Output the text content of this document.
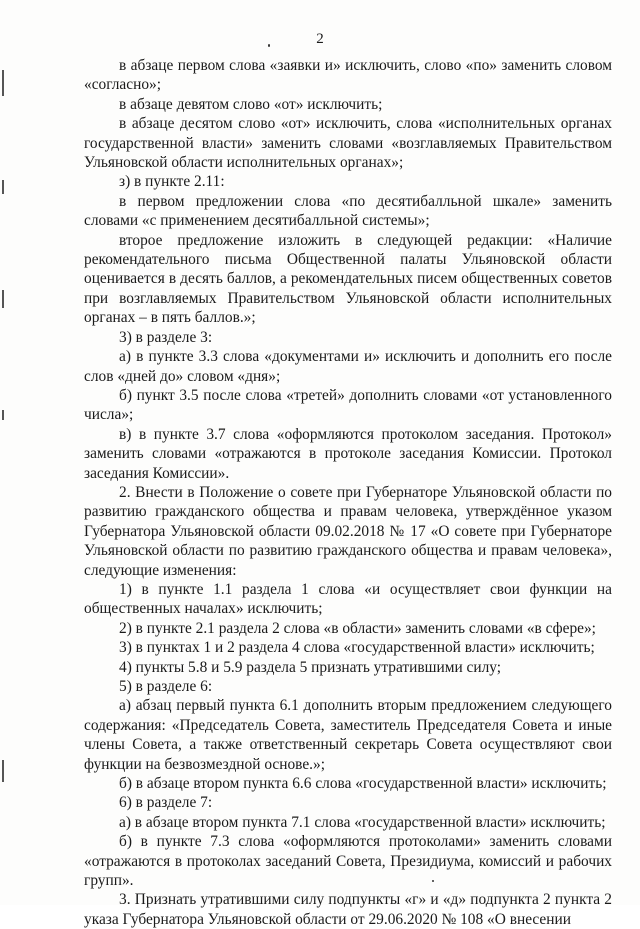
2

в абзаце первом слова «заявки и» исключить, слово «по» заменить словом «согласно»;

в абзаце девятом слово «от» исключить;

в абзаце десятом слово «от» исключить, слова «исполнительных органах государственной власти» заменить словами «возглавляемых Правительством Ульяновской области исполнительных органах»;

з) в пункте 2.11:

в первом предложении слова «по десятибалльной шкале» заменить словами «с применением десятибалльной системы»;

второе предложение изложить в следующей редакции: «Наличие рекомендательного письма Общественной палаты Ульяновской области оценивается в десять баллов, а рекомендательных писем общественных советов при возглавляемых Правительством Ульяновской области исполнительных органах – в пять баллов.»;

3) в разделе 3:

а) в пункте 3.3 слова «документами и» исключить и дополнить его после слов «дней до» словом «дня»;

б) пункт 3.5 после слова «третей» дополнить словами «от установленного числа»;

в) в пункте 3.7 слова «оформляются протоколом заседания. Протокол» заменить словами «отражаются в протоколе заседания Комиссии. Протокол заседания Комиссии».

2. Внести в Положение о совете при Губернаторе Ульяновской области по развитию гражданского общества и правам человека, утверждённое указом Губернатора Ульяновской области 09.02.2018 № 17 «О совете при Губернаторе Ульяновской области по развитию гражданского общества и правам человека», следующие изменения:

1) в пункте 1.1 раздела 1 слова «и осуществляет свои функции на общественных началах» исключить;

2) в пункте 2.1 раздела 2 слова «в области» заменить словами «в сфере»;

3) в пунктах 1 и 2 раздела 4 слова «государственной власти» исключить;

4) пункты 5.8 и 5.9 раздела 5 признать утратившими силу;

5) в разделе 6:

а) абзац первый пункта 6.1 дополнить вторым предложением следующего содержания: «Председатель Совета, заместитель Председателя Совета и иные члены Совета, а также ответственный секретарь Совета осуществляют свои функции на безвозмездной основе.»;

б) в абзаце втором пункта 6.6 слова «государственной власти» исключить;

6) в разделе 7:

а) в абзаце втором пункта 7.1 слова «государственной власти» исключить;

б) в пункте 7.3 слова «оформляются протоколами» заменить словами «отражаются в протоколах заседаний Совета, Президиума, комиссий и рабочих групп».

3. Признать утратившими силу подпункты «г» и «д» подпункта 2 пункта 2 указа Губернатора Ульяновской области от 29.06.2020 № 108 «О внесении
